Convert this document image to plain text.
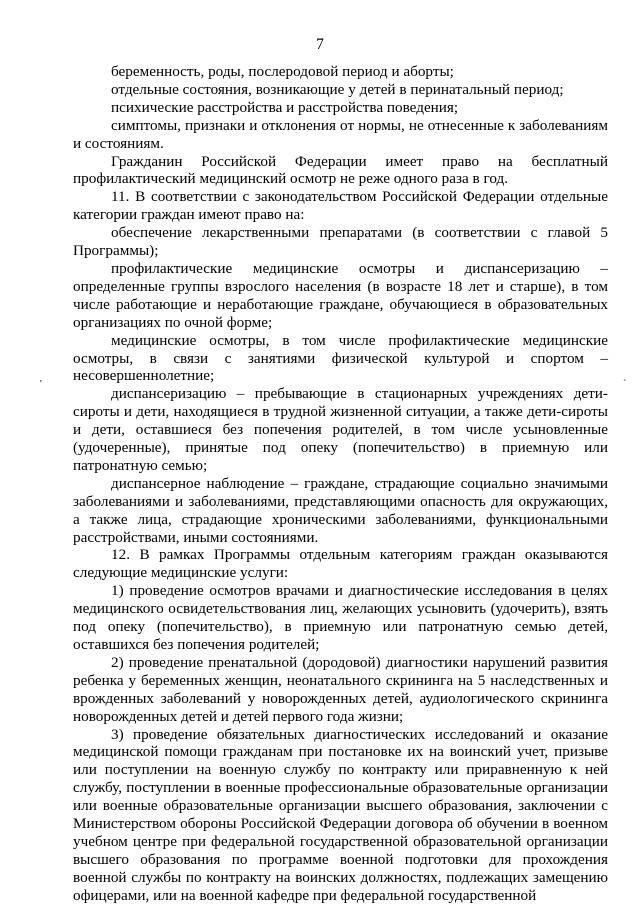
7

беременность, роды, послеродовой период и аборты;

отдельные состояния, возникающие у детей в перинатальный период;

психические расстройства и расстройства поведения;

симптомы, признаки и отклонения от нормы, не отнесенные к заболеваниям и состояниям.

Гражданин Российской Федерации имеет право на бесплатный профилактический медицинский осмотр не реже одного раза в год.

11. В соответствии с законодательством Российской Федерации отдельные категории граждан имеют право на:

обеспечение лекарственными препаратами (в соответствии с главой 5 Программы);

профилактические медицинские осмотры и диспансеризацию – определенные группы взрослого населения (в возрасте 18 лет и старше), в том числе работающие и неработающие граждане, обучающиеся в образовательных организациях по очной форме;

медицинские осмотры, в том числе профилактические медицинские осмотры, в связи с занятиями физической культурой и спортом – несовершеннолетние;

диспансеризацию – пребывающие в стационарных учреждениях дети-сироты и дети, находящиеся в трудной жизненной ситуации, а также дети-сироты и дети, оставшиеся без попечения родителей, в том числе усыновленные (удочеренные), принятые под опеку (попечительство) в приемную или патронатную семью;

диспансерное наблюдение – граждане, страдающие социально значимыми заболеваниями и заболеваниями, представляющими опасность для окружающих, а также лица, страдающие хроническими заболеваниями, функциональными расстройствами, иными состояниями.

12. В рамках Программы отдельным категориям граждан оказываются следующие медицинские услуги:

1) проведение осмотров врачами и диагностические исследования в целях медицинского освидетельствования лиц, желающих усыновить (удочерить), взять под опеку (попечительство), в приемную или патронатную семью детей, оставшихся без попечения родителей;

2) проведение пренатальной (дородовой) диагностики нарушений развития ребенка у беременных женщин, неонатального скрининга на 5 наследственных и врожденных заболеваний у новорожденных детей, аудиологического скрининга новорожденных детей и детей первого года жизни;

3) проведение обязательных диагностических исследований и оказание медицинской помощи гражданам при постановке их на воинский учет, призыве или поступлении на военную службу по контракту или приравненную к ней службу, поступлении в военные профессиональные образовательные организации или военные образовательные организации высшего образования, заключении с Министерством обороны Российской Федерации договора об обучении в военном учебном центре при федеральной государственной образовательной организации высшего образования по программе военной подготовки для прохождения военной службы по контракту на воинских должностях, подлежащих замещению офицерами, или на военной кафедре при федеральной государственной

'	`
